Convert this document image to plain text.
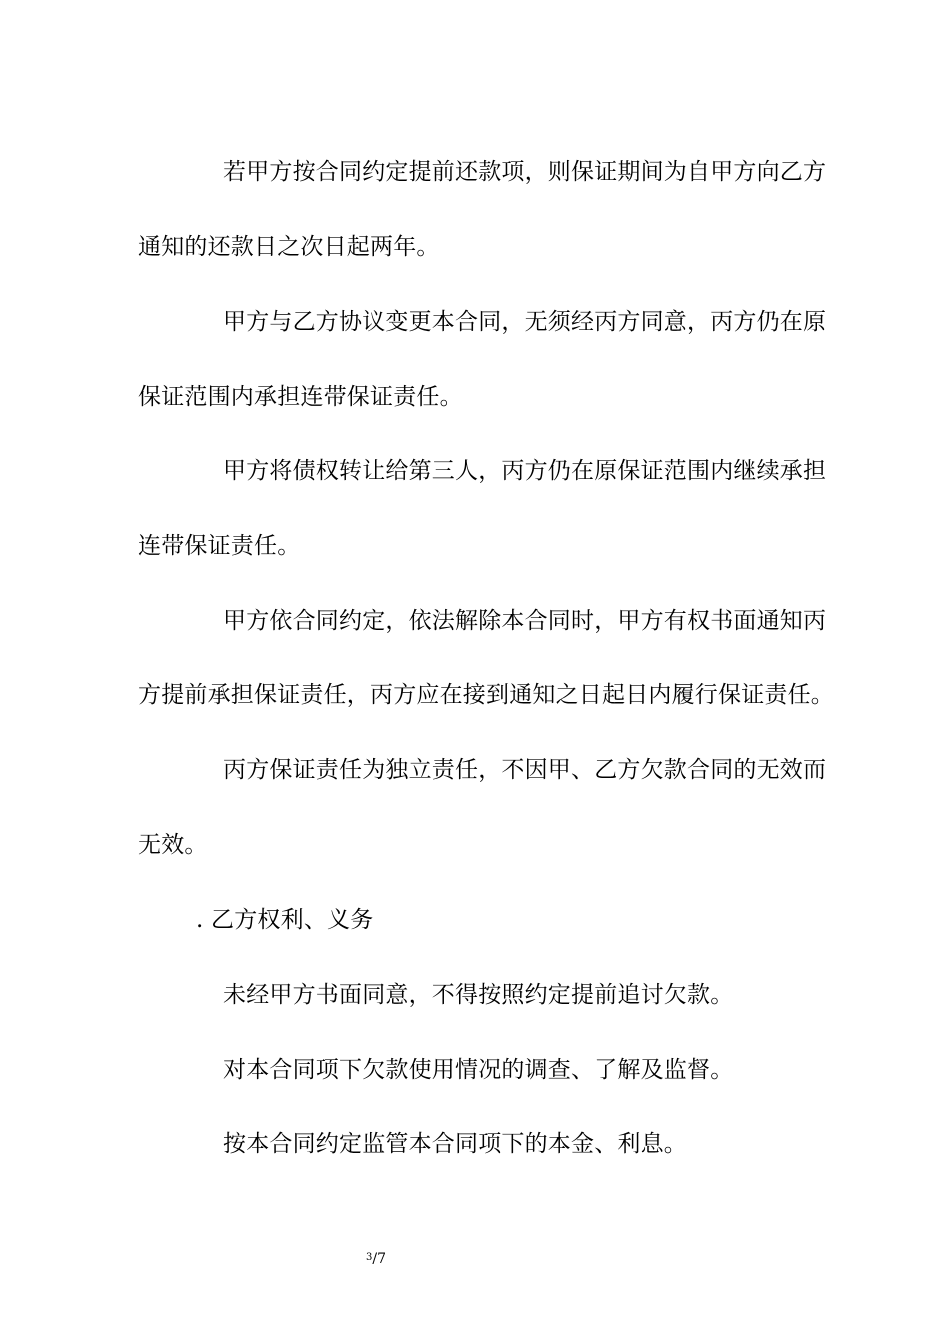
若甲方按合同约定提前还款项，则保证期间为自甲方向乙方
通知的还款日之次日起两年。
甲方与乙方协议变更本合同，无须经丙方同意，丙方仍在原
保证范围内承担连带保证责任。
甲方将债权转让给第三人，丙方仍在原保证范围内继续承担
连带保证责任。
甲方依合同约定，依法解除本合同时，甲方有权书面通知丙
方提前承担保证责任，丙方应在接到通知之日起日内履行保证责任。
丙方保证责任为独立责任，不因甲、乙方欠款合同的无效而
无效。
. 乙方权利、义务
未经甲方书面同意，不得按照约定提前追讨欠款。
对本合同项下欠款使用情况的调查、了解及监督。
按本合同约定监管本合同项下的本金、利息。
$^3$/7
